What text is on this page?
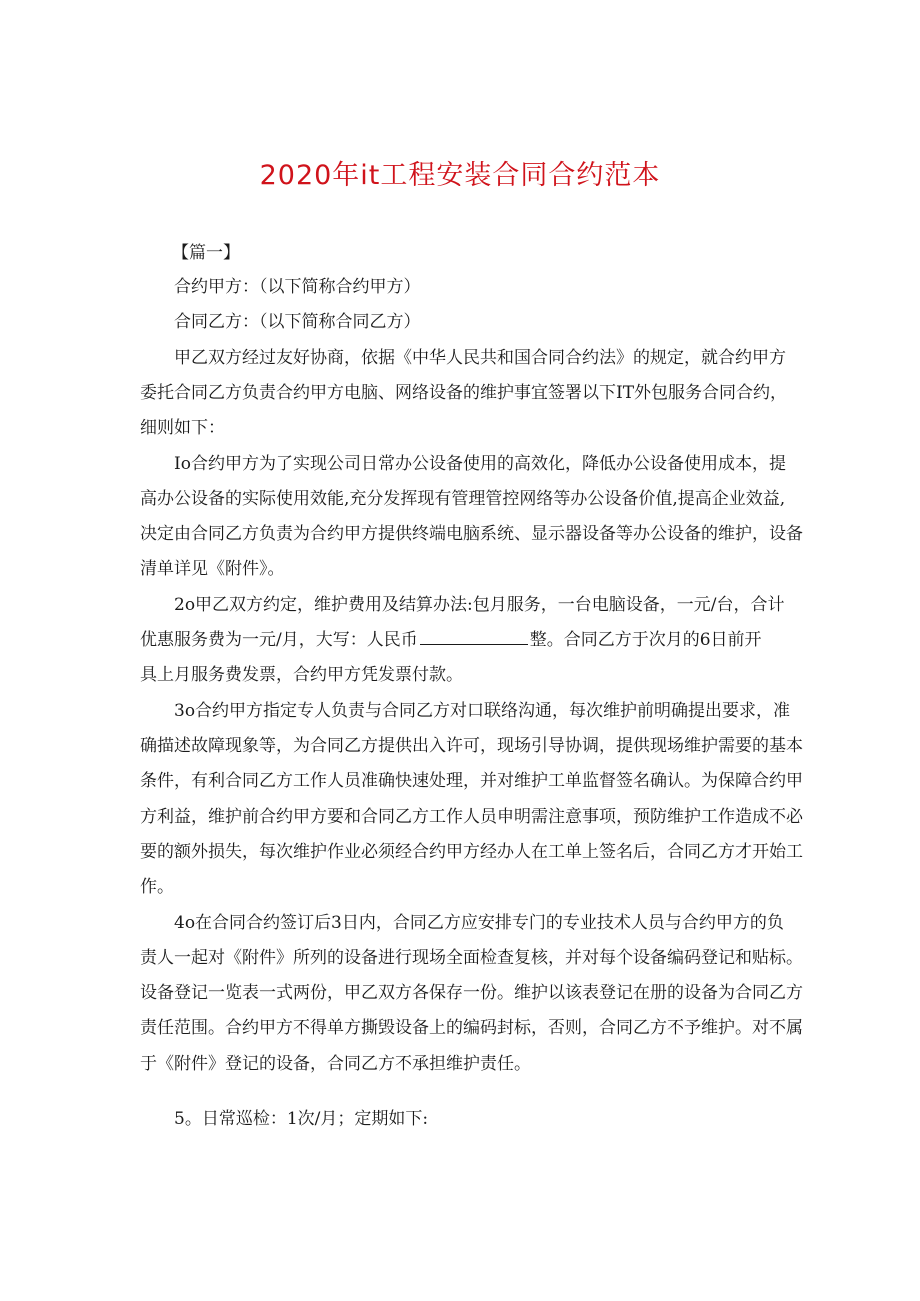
2020年it工程安装合同合约范本
【篇一】
合约甲方：（以下简称合约甲方）
合同乙方：（以下简称合同乙方）
甲乙双方经过友好协商，依据《中华人民共和国合同合约法》的规定，就合约甲方
委托合同乙方负责合约甲方电脑、网络设备的维护事宜签署以下IT外包服务合同合约，
细则如下：
Io合约甲方为了实现公司日常办公设备使用的高效化，降低办公设备使用成本，提
高办公设备的实际使用效能,充分发挥现有管理管控网络等办公设备价值,提高企业效益,
决定由合同乙方负责为合约甲方提供终端电脑系统、显示器设备等办公设备的维护，设备
清单详见《附件》。
2o甲乙双方约定，维护费用及结算办法:包月服务，一台电脑设备，一元/台，合计
优惠服务费为一元/月，大写：人民币	整。合同乙方于次月的6日前开
具上月服务费发票，合约甲方凭发票付款。
3o合约甲方指定专人负责与合同乙方对口联络沟通，每次维护前明确提出要求，准
确描述故障现象等，为合同乙方提供出入许可，现场引导协调，提供现场维护需要的基本
条件，有利合同乙方工作人员准确快速处理，并对维护工单监督签名确认。为保障合约甲
方利益，维护前合约甲方要和合同乙方工作人员申明需注意事项，预防维护工作造成不必
要的额外损失，每次维护作业必须经合约甲方经办人在工单上签名后，合同乙方才开始工
作。
4o在合同合约签订后3日内，合同乙方应安排专门的专业技术人员与合约甲方的负
责人一起对《附件》所列的设备进行现场全面检查复核，并对每个设备编码登记和贴标。
设备登记一览表一式两份，甲乙双方各保存一份。维护以该表登记在册的设备为合同乙方
责任范围。合约甲方不得单方撕毁设备上的编码封标，否则，合同乙方不予维护。对不属
于《附件》登记的设备，合同乙方不承担维护责任。
5。日常巡检：1次/月；定期如下:
